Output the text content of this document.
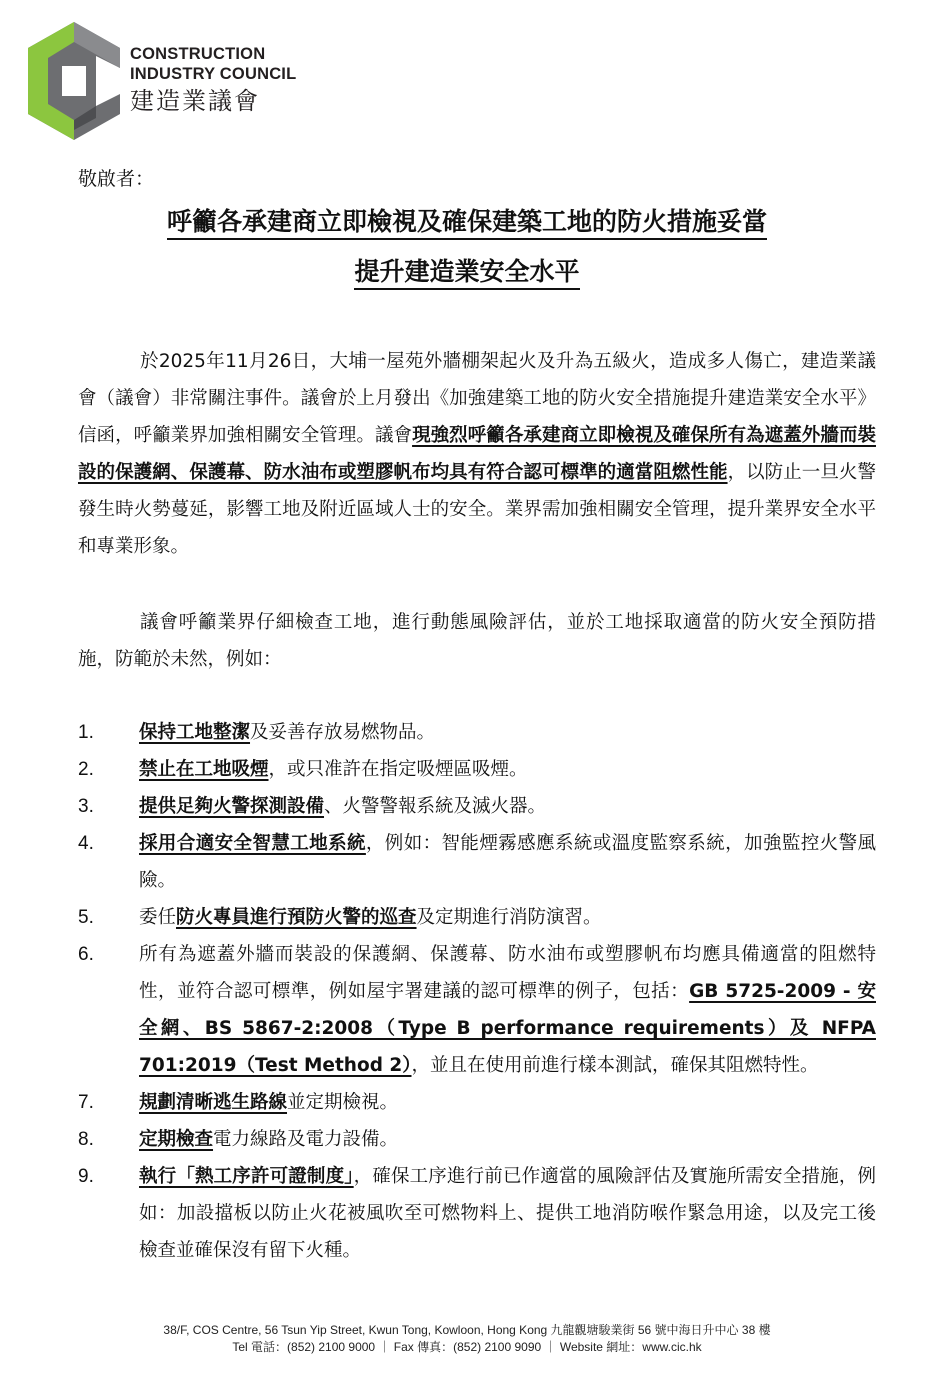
CONSTRUCTION
INDUSTRY COUNCIL
建造業議會
敬啟者：
呼籲各承建商立即檢視及確保建築工地的防火措施妥當
提升建造業安全水平

於2025年11月26日，大埔一屋苑外牆棚架起火及升為五級火，造成多人傷亡，建造業議會（議會）非常關注事件。議會於上月發出《加強建築工地的防火安全措施提升建造業安全水平》信函，呼籲業界加強相關安全管理。議會現強烈呼籲各承建商立即檢視及確保所有為遮蓋外牆而裝設的保護網、保護幕、防水油布或塑膠帆布均具有符合認可標準的適當阻燃性能，以防止一旦火警發生時火勢蔓延，影響工地及附近區域人士的安全。業界需加強相關安全管理，提升業界安全水平和專業形象。

議會呼籲業界仔細檢查工地，進行動態風險評估，並於工地採取適當的防火安全預防措施，防範於未然，例如：

1. 保持工地整潔及妥善存放易燃物品。
2. 禁止在工地吸煙，或只准許在指定吸煙區吸煙。
3. 提供足夠火警探測設備、火警警報系統及滅火器。
4. 採用合適安全智慧工地系統，例如：智能煙霧感應系統或溫度監察系統，加強監控火警風險。
5. 委任防火專員進行預防火警的巡查及定期進行消防演習。
6. 所有為遮蓋外牆而裝設的保護網、保護幕、防水油布或塑膠帆布均應具備適當的阻燃特性，並符合認可標準，例如屋宇署建議的認可標準的例子，包括：GB 5725-2009 - 安全網、BS 5867-2:2008（Type B performance requirements）及 NFPA 701:2019（Test Method 2），並且在使用前進行樣本測試，確保其阻燃特性。
7. 規劃清晰逃生路線並定期檢視。
8. 定期檢查電力線路及電力設備。
9. 執行「熱工序許可證制度」，確保工序進行前已作適當的風險評估及實施所需安全措施，例如：加設擋板以防止火花被風吹至可燃物料上、提供工地消防喉作緊急用途，以及完工後檢查並確保沒有留下火種。
38/F, COS Centre, 56 Tsun Yip Street, Kwun Tong, Kowloon, Hong Kong 九龍觀塘駿業街 56 號中海日升中心 38 樓
Tel 電話：(852) 2100 9000 ｜ Fax 傳真：(852) 2100 9090 ｜ Website 網址：www.cic.hk
